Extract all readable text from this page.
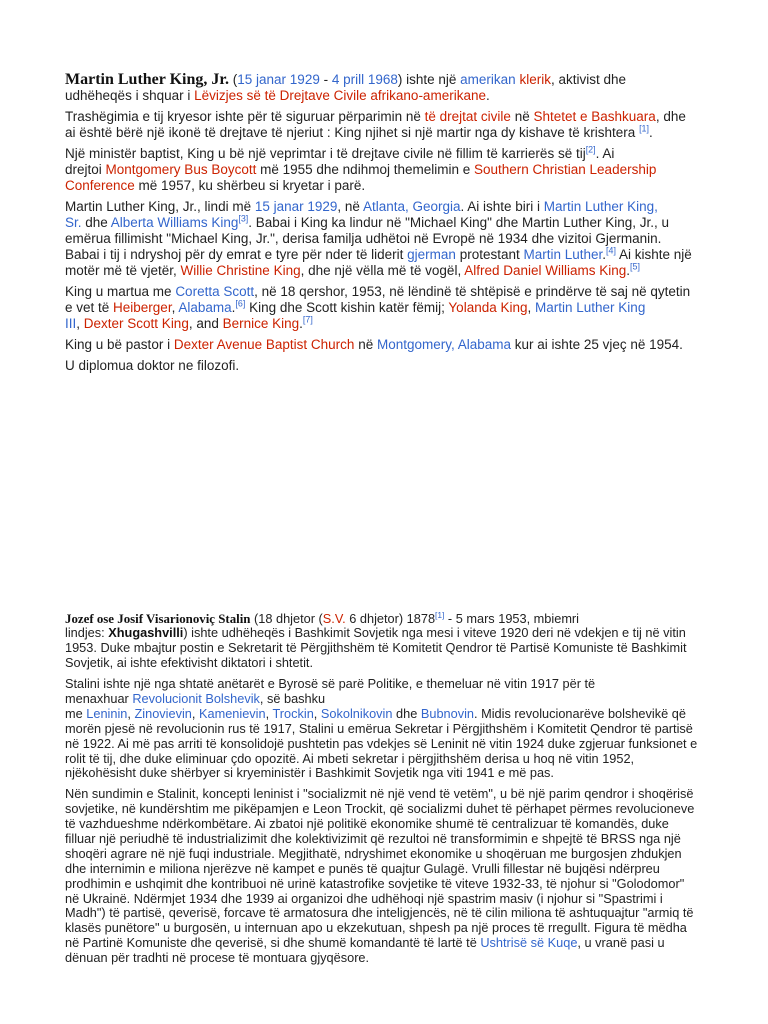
Martin Luther King, Jr. (15 janar 1929 - 4 prill 1968) ishte një amerikan klerik, aktivist dhe
udhëheqës i shquar i Lëvizjes së të Drejtave Civile afrikano-amerikane.

Trashëgimia e tij kryesor ishte për të siguruar përparimin në të drejtat civile në Shtetet e Bashkuara, dhe
ai është bërë një ikonë të drejtave të njeriut : King njihet si një martir nga dy kishave të krishtera [1].

Një ministër baptist, King u bë një veprimtar i të drejtave civile në fillim të karrierës së tij[2]. Ai
drejtoi Montgomery Bus Boycott më 1955 dhe ndihmoj themelimin e Southern Christian Leadership
Conference më 1957, ku shërbeu si kryetar i parë.

Martin Luther King, Jr., lindi më 15 janar 1929, në Atlanta, Georgia. Ai ishte biri i Martin Luther King,
Sr. dhe Alberta Williams King[3]. Babai i King ka lindur në "Michael King" dhe Martin Luther King, Jr., u
emërua fillimisht "Michael King, Jr.", derisa familja udhëtoi në Evropë në 1934 dhe vizitoi Gjermanin.
Babai i tij i ndryshoj për dy emrat e tyre për nder të liderit gjerman protestant Martin Luther.[4] Ai kishte një
motër më të vjetër, Willie Christine King, dhe një vëlla më të vogël, Alfred Daniel Williams King.[5]

King u martua me Coretta Scott, në 18 qershor, 1953, në lëndinë të shtëpisë e prindërve të saj në qytetin
e vet të Heiberger, Alabama.[6] King dhe Scott kishin katër fëmij; Yolanda King, Martin Luther King
III, Dexter Scott King, and Bernice King.[7]

King u bë pastor i Dexter Avenue Baptist Church në Montgomery, Alabama kur ai ishte 25 vjeç në 1954.

U diplomua doktor ne filozofi.

Jozef ose Josif Visarionoviç Stalin (18 dhjetor (S.V. 6 dhjetor) 1878[1] - 5 mars 1953, mbiemri
lindjes: Xhugashvilli) ishte udhëheqës i Bashkimit Sovjetik nga mesi i viteve 1920 deri në vdekjen e tij në vitin
1953. Duke mbajtur postin e Sekretarit të Përgjithshëm të Komitetit Qendror të Partisë Komuniste të Bashkimit
Sovjetik, ai ishte efektivisht diktatori i shtetit.

Stalini ishte një nga shtatë anëtarët e Byrosë së parë Politike, e themeluar në vitin 1917 për të
menaxhuar Revolucionit Bolshevik, së bashku
me Leninin, Zinovievin, Kamenievin, Trockin, Sokolnikovin dhe Bubnovin. Midis revolucionarëve bolshevikë që
morën pjesë në revolucionin rus të 1917, Stalini u emërua Sekretar i Përgjithshëm i Komitetit Qendror të partisë
në 1922. Ai më pas arriti të konsolidojë pushtetin pas vdekjes së Leninit në vitin 1924 duke zgjeruar funksionet e
rolit të tij, dhe duke eliminuar çdo opozitë. Ai mbeti sekretar i përgjithshëm derisa u hoq në vitin 1952,
njëkohësisht duke shërbyer si kryeministër i Bashkimit Sovjetik nga viti 1941 e më pas.

Nën sundimin e Stalinit, koncepti leninist i "socializmit në një vend të vetëm", u bë një parim qendror i shoqërisë
sovjetike, në kundërshtim me pikëpamjen e Leon Trockit, që socializmi duhet të përhapet përmes revolucioneve
të vazhdueshme ndërkombëtare. Ai zbatoi një politikë ekonomike shumë të centralizuar të komandës, duke
filluar një periudhë të industrializimit dhe kolektivizimit që rezultoi në transformimin e shpejtë të BRSS nga një
shoqëri agrare në një fuqi industriale. Megjithatë, ndryshimet ekonomike u shoqëruan me burgosjen zhdukjen
dhe internimin e miliona njerëzve në kampet e punës të quajtur Gulagë. Vrulli fillestar në bujqësi ndërpreu
prodhimin e ushqimit dhe kontribuoi në urinë katastrofike sovjetike të viteve 1932-33, të njohur si "Golodomor"
në Ukrainë. Ndërmjet 1934 dhe 1939 ai organizoi dhe udhëhoqi një spastrim masiv (i njohur si "Spastrimi i
Madh") të partisë, qeverisë, forcave të armatosura dhe inteligjencës, në të cilin miliona të ashtuquajtur "armiq të
klasës punëtore" u burgosën, u internuan apo u ekzekutuan, shpesh pa një proces të rregullt. Figura të mëdha
në Partinë Komuniste dhe qeverisë, si dhe shumë komandantë të lartë të Ushtrisë së Kuqe, u vranë pasi u
dënuan për tradhti në procese të montuara gjyqësore.
